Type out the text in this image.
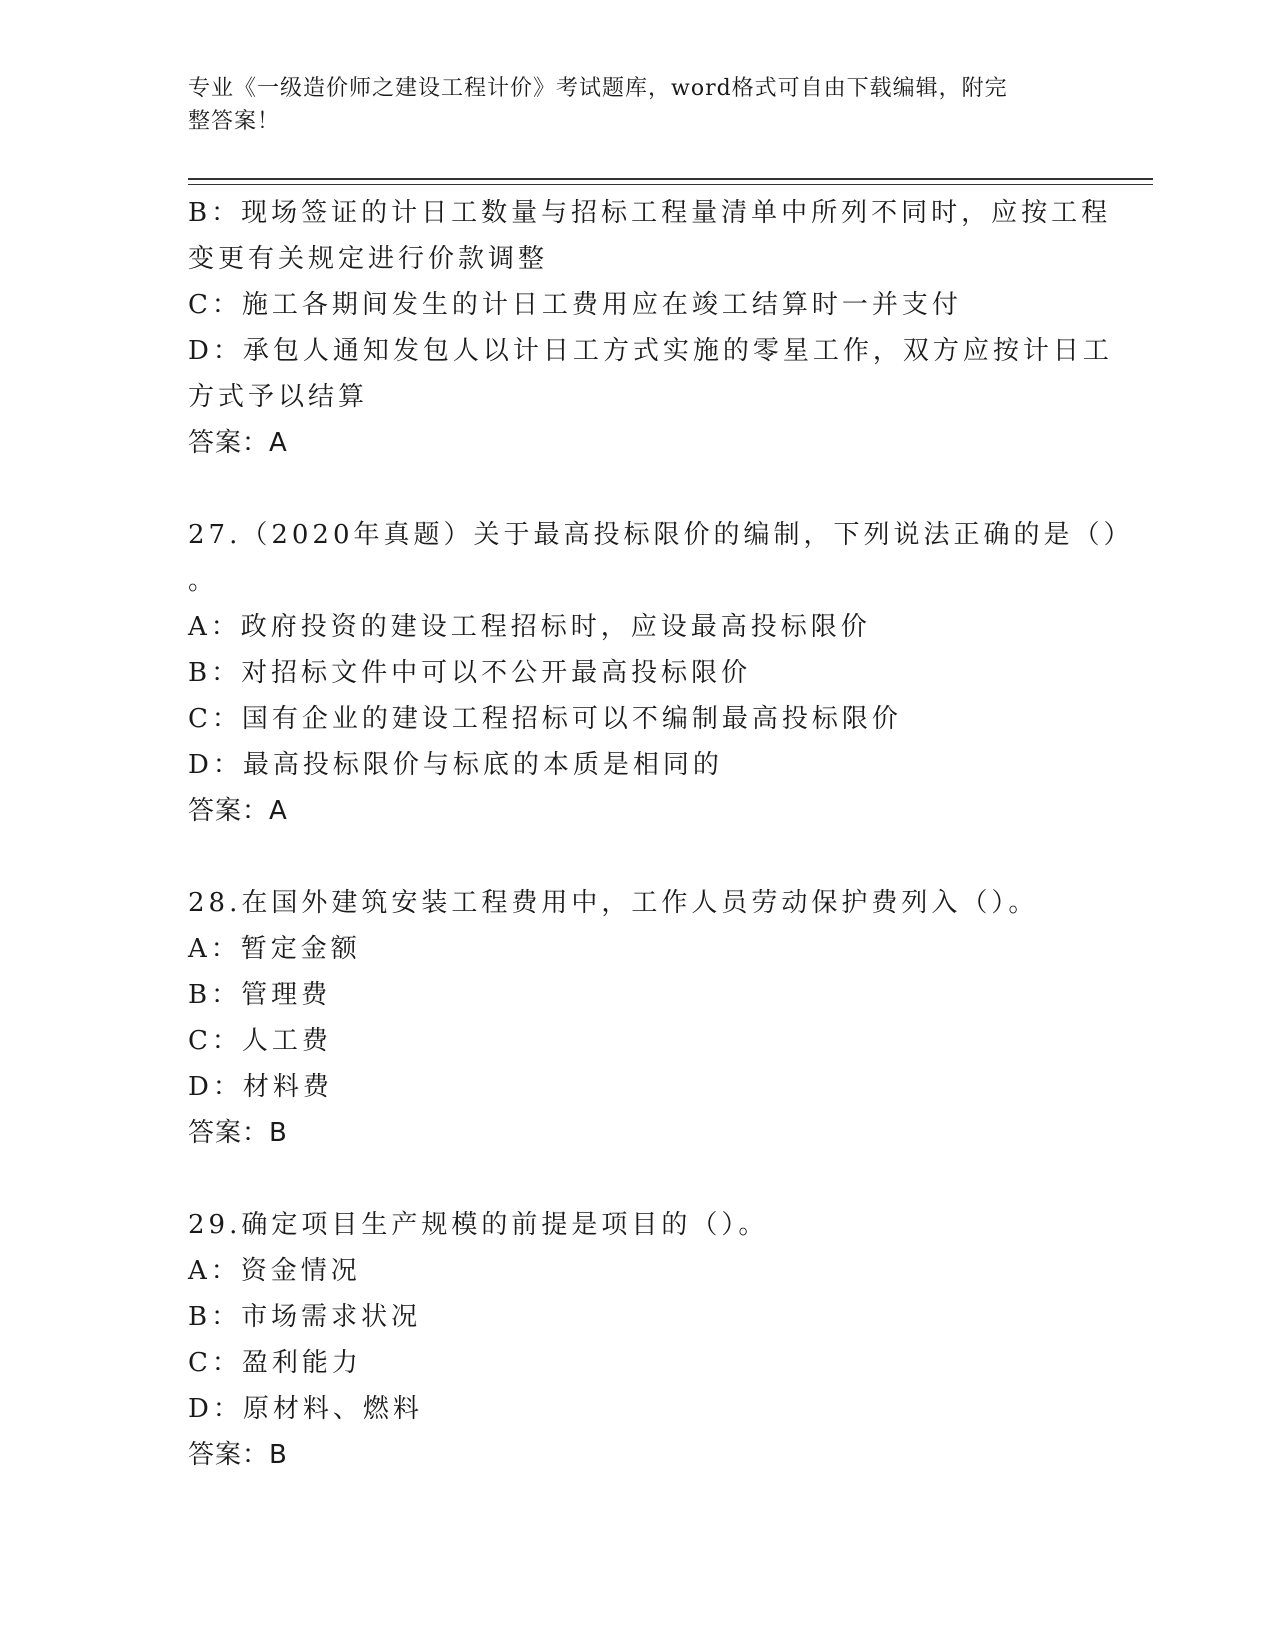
专业《一级造价师之建设工程计价》考试题库，word格式可自由下载编辑，附完
整答案！
B：现场签证的计日工数量与招标工程量清单中所列不同时，应按工程
变更有关规定进行价款调整
C：施工各期间发生的计日工费用应在竣工结算时一并支付
D：承包人通知发包人以计日工方式实施的零星工作，双方应按计日工
方式予以结算
答案：A
27.（2020年真题）关于最高投标限价的编制，下列说法正确的是（）
。
A：政府投资的建设工程招标时，应设最高投标限价
B：对招标文件中可以不公开最高投标限价
C：国有企业的建设工程招标可以不编制最高投标限价
D：最高投标限价与标底的本质是相同的
答案：A
28.在国外建筑安装工程费用中，工作人员劳动保护费列入（）。
A：暂定金额
B：管理费
C：人工费
D：材料费
答案：B
29.确定项目生产规模的前提是项目的（）。
A：资金情况
B：市场需求状况
C：盈利能力
D：原材料、燃料
答案：B
